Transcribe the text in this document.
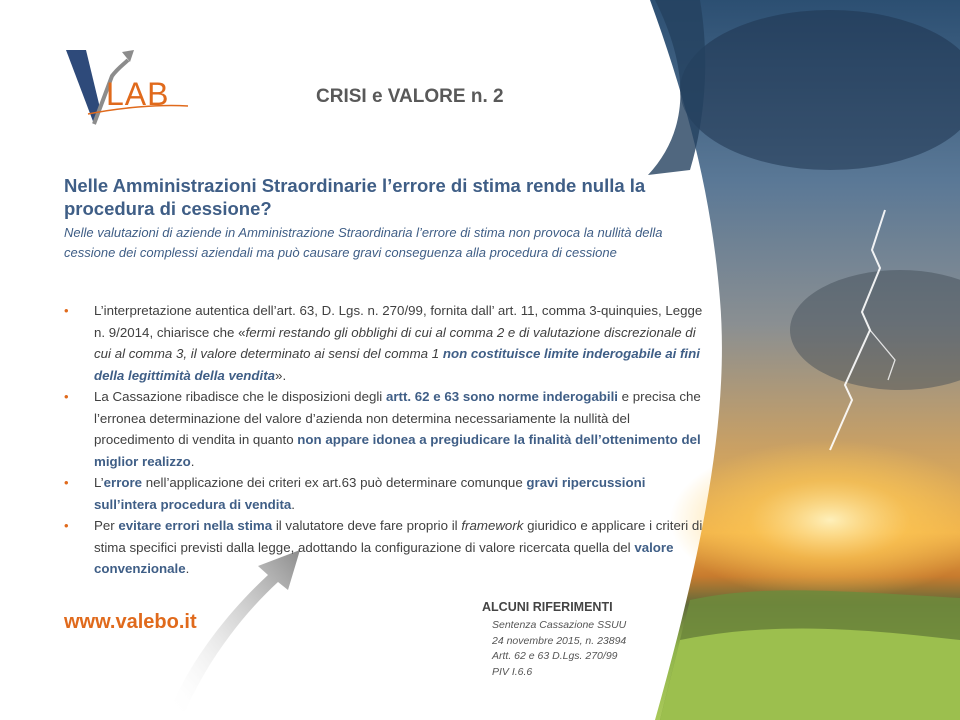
LAB	CRISI e VALORE n. 2
Nelle Amministrazioni Straordinarie l’errore di stima rende nulla la procedura di cessione?
Nelle valutazioni di aziende in Amministrazione Straordinaria l’errore di stima non provoca la nullità della cessione dei complessi aziendali ma può causare gravi conseguenza alla procedura di cessione
• L’interpretazione autentica dell’art. 63, D. Lgs. n. 270/99, fornita dall’ art. 11, comma 3-quinquies, Legge n. 9/2014, chiarisce che «fermi restando gli obblighi di cui al comma 2 e di valutazione discrezionale di cui al comma 3, il valore determinato ai sensi del comma 1 non costituisce limite inderogabile ai fini della legittimità della vendita».
• La Cassazione ribadisce che le disposizioni degli artt. 62 e 63 sono norme inderogabili e precisa che l’erronea determinazione del valore d’azienda non determina necessariamente la nullità del procedimento di vendita in quanto non appare idonea a pregiudicare la finalità dell’ottenimento del miglior realizzo.
• L’errore nell’applicazione dei criteri ex art.63 può determinare comunque gravi ripercussioni sull’intera procedura di vendita.
• Per evitare errori nella stima il valutatore deve fare proprio il framework giuridico e applicare i criteri di stima specifici previsti dalla legge, adottando la configurazione di valore ricercata quella del valore convenzionale.
www.valebo.it
ALCUNI RIFERIMENTI
Sentenza Cassazione SSUU
24 novembre 2015, n. 23894
Artt. 62 e 63 D.Lgs. 270/99
PIV I.6.6
